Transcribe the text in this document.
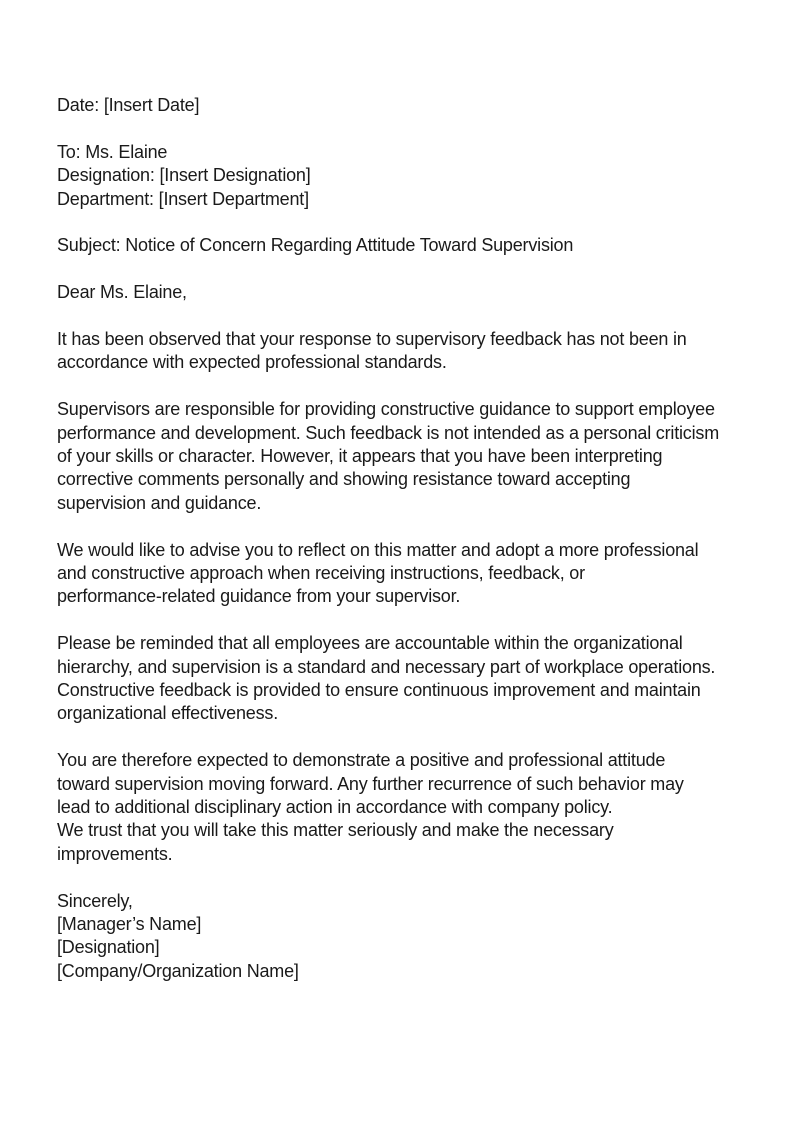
Date: [Insert Date]
To: Ms. Elaine
Designation: [Insert Designation]
Department: [Insert Department]
Subject: Notice of Concern Regarding Attitude Toward Supervision
Dear Ms. Elaine,
It has been observed that your response to supervisory feedback has not been in
accordance with expected professional standards.
Supervisors are responsible for providing constructive guidance to support employee
performance and development. Such feedback is not intended as a personal criticism
of your skills or character. However, it appears that you have been interpreting
corrective comments personally and showing resistance toward accepting
supervision and guidance.
We would like to advise you to reflect on this matter and adopt a more professional
and constructive approach when receiving instructions, feedback, or
performance-related guidance from your supervisor.
Please be reminded that all employees are accountable within the organizational
hierarchy, and supervision is a standard and necessary part of workplace operations.
Constructive feedback is provided to ensure continuous improvement and maintain
organizational effectiveness.
You are therefore expected to demonstrate a positive and professional attitude
toward supervision moving forward. Any further recurrence of such behavior may
lead to additional disciplinary action in accordance with company policy.
We trust that you will take this matter seriously and make the necessary
improvements.
Sincerely,
[Manager’s Name]
[Designation]
[Company/Organization Name]
